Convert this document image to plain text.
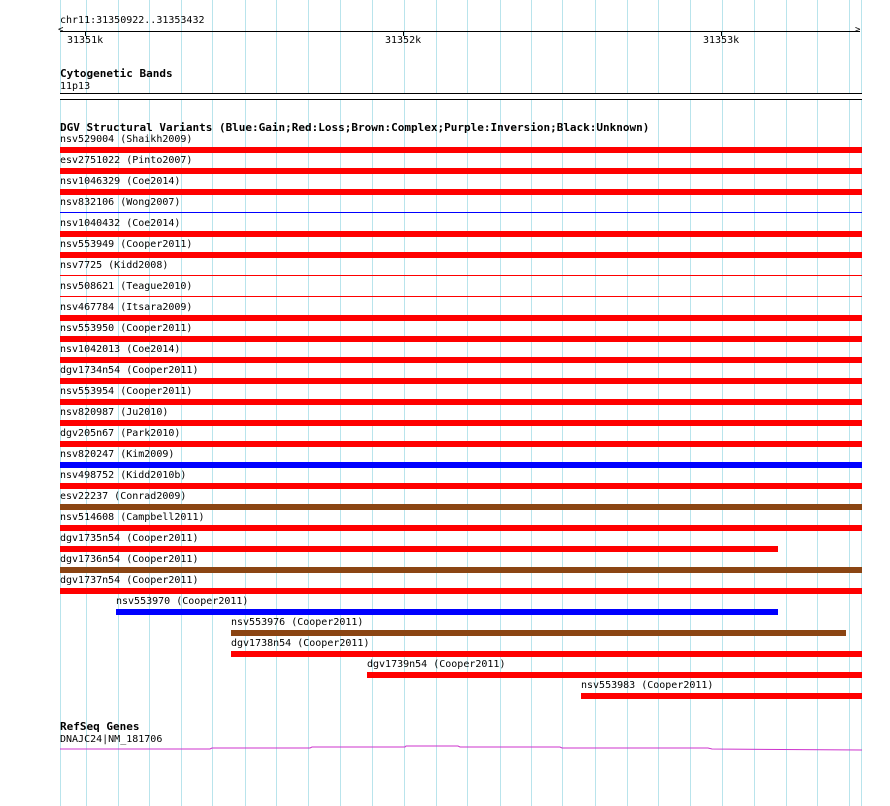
chr11:31350922..31353432
<	>
31351k	31352k	31353k
Cytogenetic Bands
11p13
DGV Structural Variants (Blue:Gain;Red:Loss;Brown:Complex;Purple:Inversion;Black:Unknown)
nsv529004 (Shaikh2009)
esv2751022 (Pinto2007)
nsv1046329 (Coe2014)
nsv832106 (Wong2007)
nsv1040432 (Coe2014)
nsv553949 (Cooper2011)
nsv7725 (Kidd2008)
nsv508621 (Teague2010)
nsv467784 (Itsara2009)
nsv553950 (Cooper2011)
nsv1042013 (Coe2014)
dgv1734n54 (Cooper2011)
nsv553954 (Cooper2011)
nsv820987 (Ju2010)
dgv205n67 (Park2010)
nsv820247 (Kim2009)
nsv498752 (Kidd2010b)
esv22237 (Conrad2009)
nsv514608 (Campbell2011)
dgv1735n54 (Cooper2011)
dgv1736n54 (Cooper2011)
dgv1737n54 (Cooper2011)
nsv553970 (Cooper2011)
nsv553976 (Cooper2011)
dgv1738n54 (Cooper2011)
dgv1739n54 (Cooper2011)
nsv553983 (Cooper2011)
RefSeq Genes
DNAJC24|NM_181706
